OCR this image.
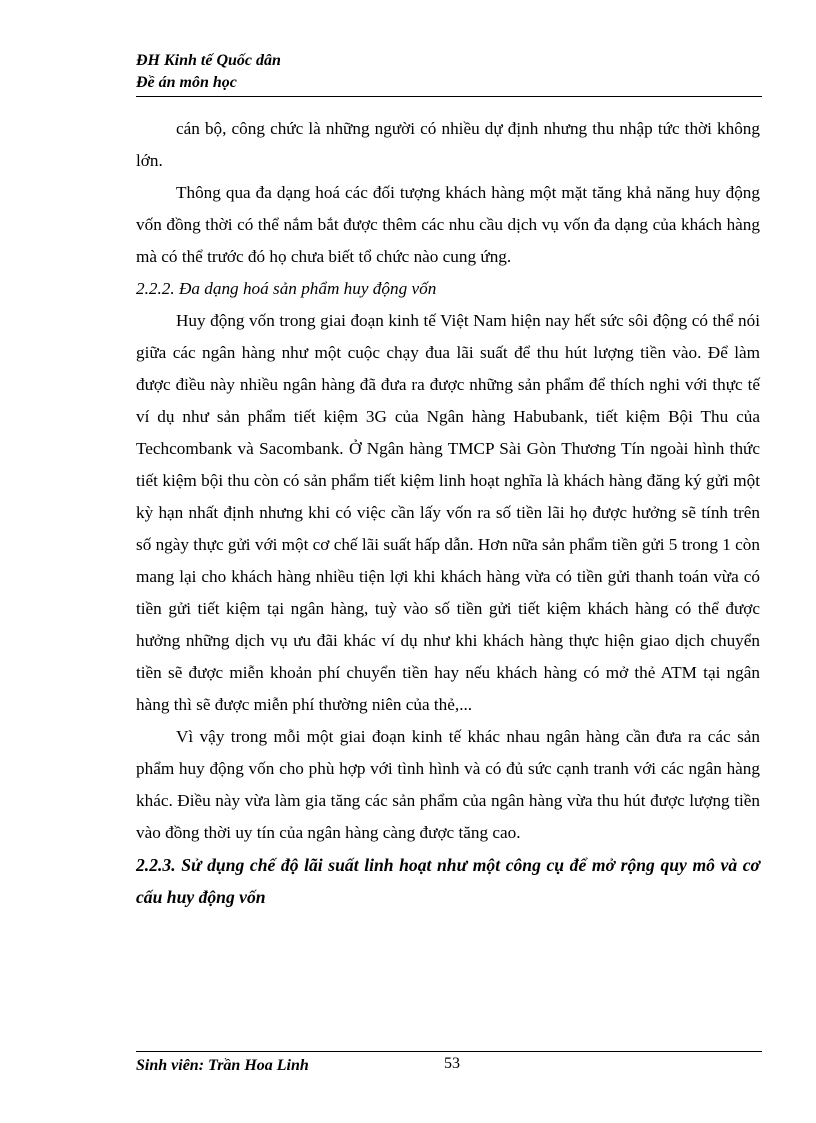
ĐH Kinh tế Quốc dân
Đề án môn học

cán bộ, công chức là những người có nhiều dự định nhưng thu nhập tức thời không lớn.

Thông qua đa dạng hoá các đối tượng khách hàng một mặt tăng khả năng huy động vốn đồng thời có thể nắm bắt được thêm các nhu cầu dịch vụ vốn đa dạng của khách hàng mà có thể trước đó họ chưa biết tổ chức nào cung ứng.

2.2.2. Đa dạng hoá sản phẩm huy động vốn

Huy động vốn trong giai đoạn kinh tế Việt Nam hiện nay hết sức sôi động có thể nói giữa các ngân hàng như một cuộc chạy đua lãi suất để thu hút lượng tiền vào. Để làm được điều này nhiều ngân hàng đã đưa ra được những sản phẩm để thích nghi với thực tế ví dụ như sản phẩm tiết kiệm 3G của Ngân hàng Habubank, tiết kiệm Bội Thu của Techcombank và Sacombank. Ở Ngân hàng TMCP Sài Gòn Thương Tín ngoài hình thức tiết kiệm bội thu còn có sản phẩm tiết kiệm linh hoạt nghĩa là khách hàng đăng ký gửi một kỳ hạn nhất định nhưng khi có việc cần lấy vốn ra số tiền lãi họ được hưởng sẽ tính trên số ngày thực gửi với một cơ chế lãi suất hấp dẫn. Hơn nữa sản phẩm tiền gửi 5 trong 1 còn mang lại cho khách hàng nhiều tiện lợi khi khách hàng vừa có tiền gửi thanh toán vừa có tiền gửi tiết kiệm tại ngân hàng, tuỳ vào số tiền gửi tiết kiệm khách hàng có thể được hưởng những dịch vụ ưu đãi khác ví dụ như khi khách hàng thực hiện giao dịch chuyển tiền sẽ được miễn khoản phí chuyển tiền hay nếu khách hàng có mở thẻ ATM tại ngân hàng thì sẽ được miễn phí thường niên của thẻ,...

Vì vậy trong mỗi một giai đoạn kinh tế khác nhau ngân hàng cần đưa ra các sản phẩm huy động vốn cho phù hợp với tình hình và có đủ sức cạnh tranh với các ngân hàng khác. Điều này vừa làm gia tăng các sản phẩm của ngân hàng vừa thu hút được lượng tiền vào đồng thời uy tín của ngân hàng càng được tăng cao.

2.2.3. Sử dụng chế độ lãi suất linh hoạt như một công cụ để mở rộng quy mô và cơ cấu huy động vốn

Sinh viên: Trần Hoa Linh	53
